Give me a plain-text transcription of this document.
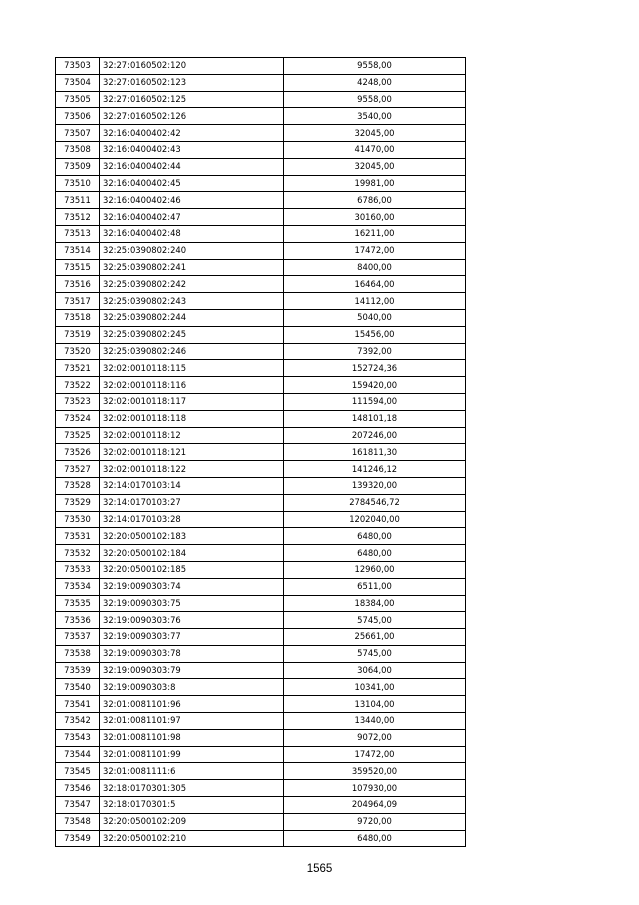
73503	32:27:0160502:120	9558,00
73504	32:27:0160502:123	4248,00
73505	32:27:0160502:125	9558,00
73506	32:27:0160502:126	3540,00
73507	32:16:0400402:42	32045,00
73508	32:16:0400402:43	41470,00
73509	32:16:0400402:44	32045,00
73510	32:16:0400402:45	19981,00
73511	32:16:0400402:46	6786,00
73512	32:16:0400402:47	30160,00
73513	32:16:0400402:48	16211,00
73514	32:25:0390802:240	17472,00
73515	32:25:0390802:241	8400,00
73516	32:25:0390802:242	16464,00
73517	32:25:0390802:243	14112,00
73518	32:25:0390802:244	5040,00
73519	32:25:0390802:245	15456,00
73520	32:25:0390802:246	7392,00
73521	32:02:0010118:115	152724,36
73522	32:02:0010118:116	159420,00
73523	32:02:0010118:117	111594,00
73524	32:02:0010118:118	148101,18
73525	32:02:0010118:12	207246,00
73526	32:02:0010118:121	161811,30
73527	32:02:0010118:122	141246,12
73528	32:14:0170103:14	139320,00
73529	32:14:0170103:27	2784546,72
73530	32:14:0170103:28	1202040,00
73531	32:20:0500102:183	6480,00
73532	32:20:0500102:184	6480,00
73533	32:20:0500102:185	12960,00
73534	32:19:0090303:74	6511,00
73535	32:19:0090303:75	18384,00
73536	32:19:0090303:76	5745,00
73537	32:19:0090303:77	25661,00
73538	32:19:0090303:78	5745,00
73539	32:19:0090303:79	3064,00
73540	32:19:0090303:8	10341,00
73541	32:01:0081101:96	13104,00
73542	32:01:0081101:97	13440,00
73543	32:01:0081101:98	9072,00
73544	32:01:0081101:99	17472,00
73545	32:01:0081111:6	359520,00
73546	32:18:0170301:305	107930,00
73547	32:18:0170301:5	204964,09
73548	32:20:0500102:209	9720,00
73549	32:20:0500102:210	6480,00
1565
